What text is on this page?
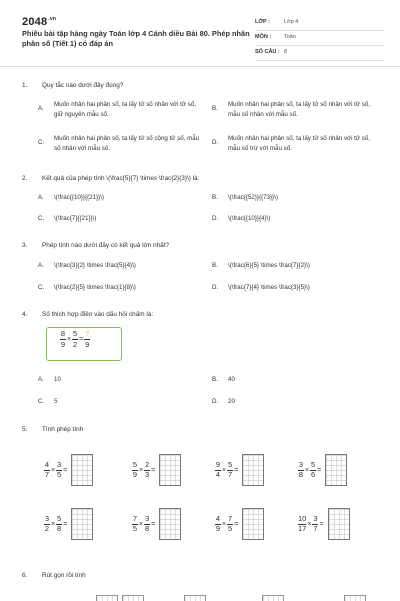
$2048^{.vn}$
Phiếu bài tập hàng ngày Toán lớp 4 Cánh diều Bài 80. Phép nhân phân số (Tiết 1) có đáp án
LỚP :	Lớp 4
MÔN : Toán
SỐ CÂU : 8
1. Quy tắc nào dưới đây đúng?
A.
Muốn nhân hai phân số, ta lấy tử số nhân với tử số, giữ nguyên mẫu số.
B.
Muốn nhân hai phân số, ta lấy tử số nhân với tử số, mẫu số nhân với mẫu số.
C.
Muốn nhân hai phân số, ta lấy tử số cộng tử số, mẫu số nhân với mẫu số.
D.
Muốn nhân hai phân số, ta lấy tử số nhân với tử số, mẫu số trừ với mẫu số.
2. Kết quả của phép tính \(\frac{5}{7} \times \frac{2}{3}\) là:
A. \(\frac{{10}}{{21}}\)	B. \(\frac{{52}}{{73}}\)
C. \(\frac{7}{{21}}\)	D. \(\frac{{10}}{4}\)
3. Phép tính nào dưới đây có kết quả lớn nhất?
A. \(\frac{3}{2} \times \frac{5}{4}\)	B. \(\frac{6}{5} \times \frac{7}{2}\)
C. \(\frac{2}{5} \times \frac{1}{8}\)	D. \(\frac{7}{4} \times \frac{3}{5}\)
4. Số thích hợp điền vào dấu hỏi chấm là:
$\frac{8}{9} \times \frac{5}{2} = \frac{?}{9}$
A. 10	B. 40
C. 5	D. 20
5. Tính phép tính
$\frac{4}{7} \times \frac{3}{5}$ =	$\frac{5}{9} \times \frac{2}{3}$ =	$\frac{9}{4} \times \frac{5}{7}$ =	$\frac{3}{8} \times \frac{5}{6}$ =
$\frac{3}{2} \times \frac{5}{8}$ =	$\frac{7}{5} \times \frac{3}{8}$ =	$\frac{4}{9} \times \frac{7}{5}$ =	$\frac{10}{17} \times \frac{3}{7}$ =
6. Rút gọn rồi tính
